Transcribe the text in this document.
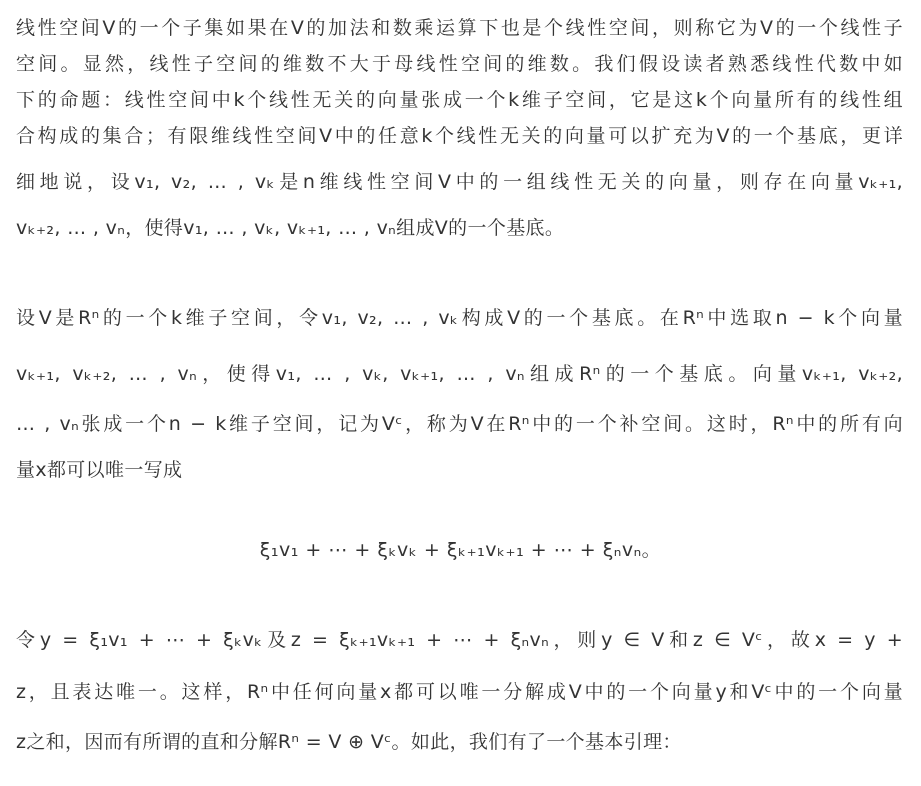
线性空间V的一个子集如果在V的加法和数乘运算下也是个线性空间，则称它为V的一个线性子
空间。显然，线性子空间的维数不大于母线性空间的维数。我们假设读者熟悉线性代数中如
下的命题：线性空间中k个线性无关的向量张成一个k维子空间，它是这k个向量所有的线性组
合构成的集合；有限维线性空间V中的任意k个线性无关的向量可以扩充为V的一个基底，更详
细地说，设v₁, v₂, … , vₖ是n维线性空间V中的一组线性无关的向量，则存在向量vₖ₊₁,
vₖ₊₂, … , vₙ，使得v₁, … , vₖ, vₖ₊₁, … , vₙ组成V的一个基底。
设V是Rⁿ的一个k维子空间，令v₁, v₂, … , vₖ构成V的一个基底。在Rⁿ中选取n − k个向量
vₖ₊₁, vₖ₊₂, … , vₙ，使得v₁, … , vₖ, vₖ₊₁, … , vₙ组成Rⁿ的一个基底。向量vₖ₊₁, vₖ₊₂,
… , vₙ张成一个n − k维子空间，记为Vᶜ，称为V在Rⁿ中的一个补空间。这时，Rⁿ中的所有向
量x都可以唯一写成
ξ₁v₁ + ⋯ + ξₖvₖ + ξₖ₊₁vₖ₊₁ + ⋯ + ξₙvₙ。
令y = ξ₁v₁ + ⋯ + ξₖvₖ及z = ξₖ₊₁vₖ₊₁ + ⋯ + ξₙvₙ，则y ∈ V和z ∈ Vᶜ，故x = y +
z，且表达唯一。这样，Rⁿ中任何向量x都可以唯一分解成V中的一个向量y和Vᶜ中的一个向量
z之和，因而有所谓的直和分解Rⁿ = V ⊕ Vᶜ。如此，我们有了一个基本引理：
